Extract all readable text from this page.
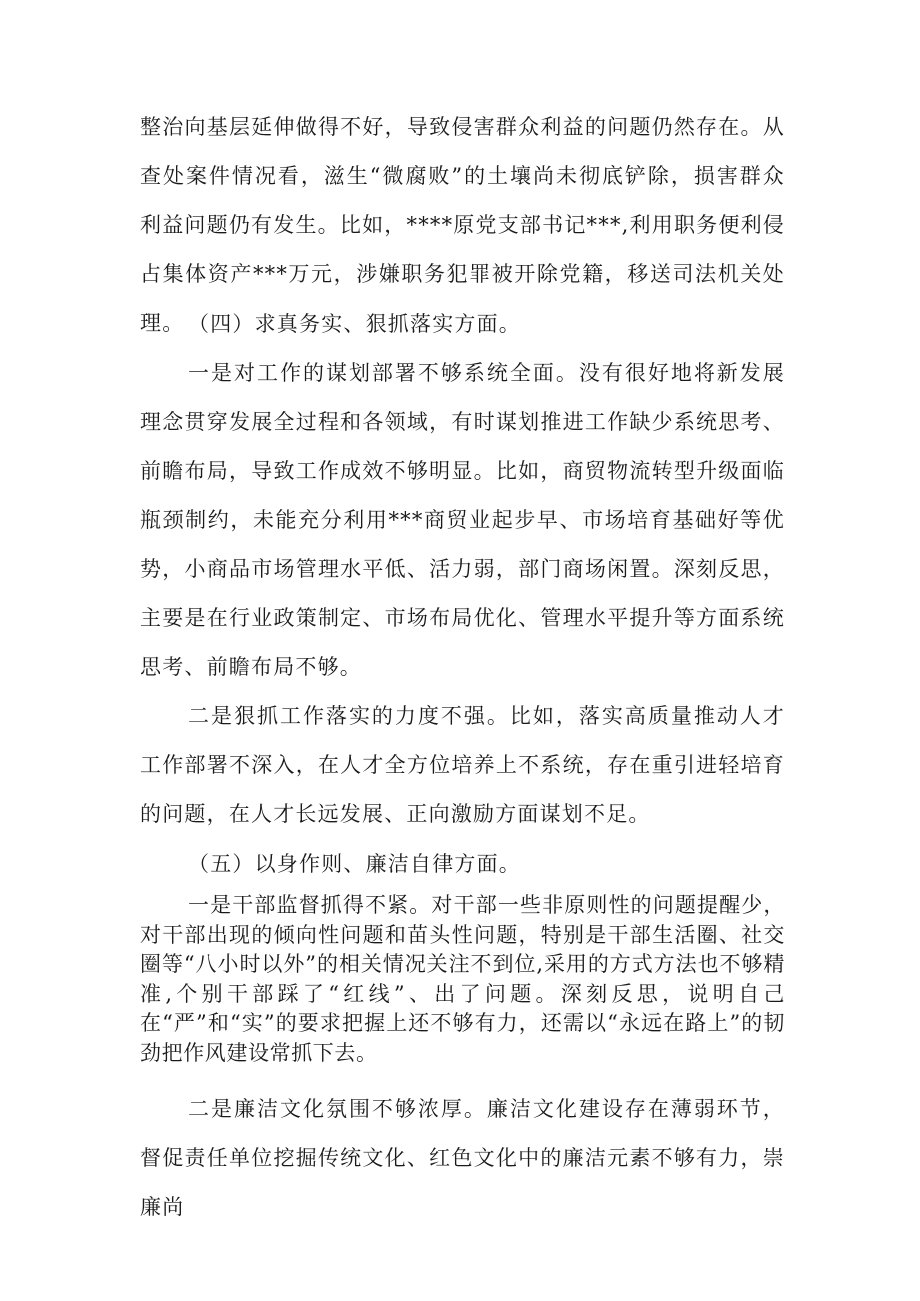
整治向基层延伸做得不好，导致侵害群众利益的问题仍然存在。从查处案件情况看，滋生“微腐败”的土壤尚未彻底铲除，损害群众利益问题仍有发生。比如，****原党支部书记***,利用职务便利侵占集体资产***万元，涉嫌职务犯罪被开除党籍，移送司法机关处理。 （四）求真务实、狠抓落实方面。

一是对工作的谋划部署不够系统全面。没有很好地将新发展理念贯穿发展全过程和各领域，有时谋划推进工作缺少系统思考、前瞻布局，导致工作成效不够明显。比如，商贸物流转型升级面临瓶颈制约，未能充分利用***商贸业起步早、市场培育基础好等优势，小商品市场管理水平低、活力弱，部门商场闲置。深刻反思，主要是在行业政策制定、市场布局优化、管理水平提升等方面系统思考、前瞻布局不够。

二是狠抓工作落实的力度不强。比如，落实高质量推动人才工作部署不深入，在人才全方位培养上不系统，存在重引进轻培育的问题，在人才长远发展、正向激励方面谋划不足。

（五）以身作则、廉洁自律方面。

一是干部监督抓得不紧。对干部一些非原则性的问题提醒少，对干部出现的倾向性问题和苗头性问题，特别是干部生活圈、社交圈等“八小时以外”的相关情况关注不到位,采用的方式方法也不够精准,个别干部踩了“红线”、出了问题。深刻反思，说明自己在“严”和“实”的要求把握上还不够有力，还需以“永远在路上”的韧劲把作风建设常抓下去。

二是廉洁文化氛围不够浓厚。廉洁文化建设存在薄弱环节，督促责任单位挖掘传统文化、红色文化中的廉洁元素不够有力，崇廉尚
